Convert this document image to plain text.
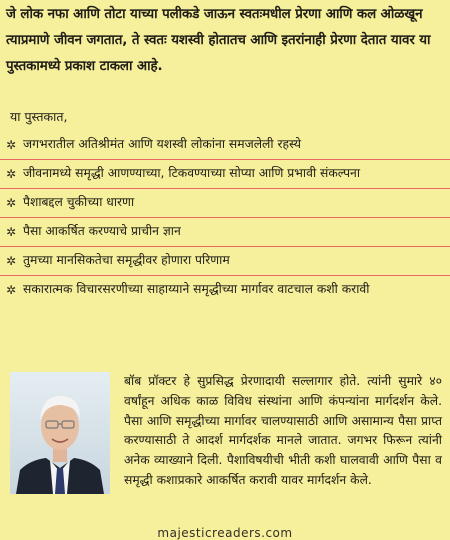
जे लोक नफा आणि तोटा याच्या पलीकडे जाऊन स्वतःमधील प्रेरणा आणि कल ओळखून त्याप्रमाणे जीवन जगतात, ते स्वतः यशस्वी होतातच आणि इतरांनाही प्रेरणा देतात यावर या पुस्तकामध्ये प्रकाश टाकला आहे.

या पुस्तकात,

✲ जगभरातील अतिश्रीमंत आणि यशस्वी लोकांना समजलेली रहस्ये
✲ जीवनामध्ये समृद्धी आणण्याच्या, टिकवण्याच्या सोप्या आणि प्रभावी संकल्पना
✲ पैशाबद्दल चुकीच्या धारणा
✲ पैसा आकर्षित करण्याचे प्राचीन ज्ञान
✲ तुमच्या मानसिकतेचा समृद्धीवर होणारा परिणाम
✲ सकारात्मक विचारसरणीच्या साहाय्याने समृद्धीच्या मार्गावर वाटचाल कशी करावी

बॉब प्रॉक्टर हे सुप्रसिद्ध प्रेरणादायी सल्लागार होते. त्यांनी सुमारे ४० वर्षांहून अधिक काळ विविध संस्थांना आणि कंपन्यांना मार्गदर्शन केले. पैसा आणि समृद्धीच्या मार्गावर चालण्यासाठी आणि असामान्य पैसा प्राप्त करण्यासाठी ते आदर्श मार्गदर्शक मानले जातात. जगभर फिरून त्यांनी अनेक व्याख्याने दिली. पैशाविषयीची भीती कशी घालवावी आणि पैसा व समृद्धी कशाप्रकारे आकर्षित करावी यावर मार्गदर्शन केले.

majesticreaders.com
